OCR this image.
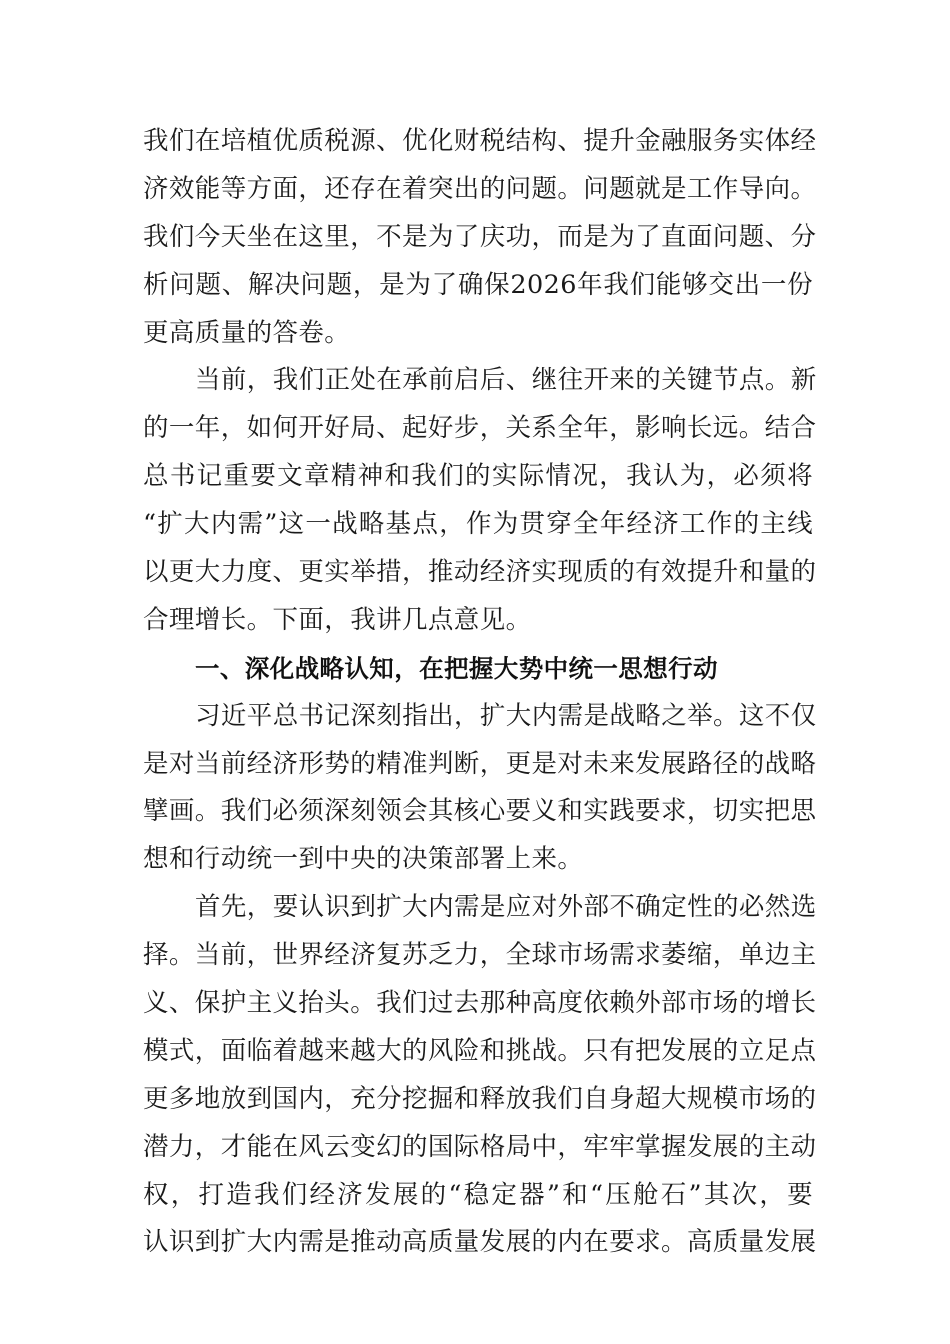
我们在培植优质税源、优化财税结构、提升金融服务实体经
济效能等方面，还存在着突出的问题。问题就是工作导向。
我们今天坐在这里，不是为了庆功，而是为了直面问题、分
析问题、解决问题，是为了确保2026年我们能够交出一份
更高质量的答卷。
当前，我们正处在承前启后、继往开来的关键节点。新
的一年，如何开好局、起好步，关系全年，影响长远。结合
总书记重要文章精神和我们的实际情况，我认为，必须将
“扩大内需”这一战略基点，作为贯穿全年经济工作的主线
以更大力度、更实举措，推动经济实现质的有效提升和量的
合理增长。下面，我讲几点意见。
一、深化战略认知，在把握大势中统一思想行动
习近平总书记深刻指出，扩大内需是战略之举。这不仅
是对当前经济形势的精准判断，更是对未来发展路径的战略
擘画。我们必须深刻领会其核心要义和实践要求，切实把思
想和行动统一到中央的决策部署上来。
首先，要认识到扩大内需是应对外部不确定性的必然选
择。当前，世界经济复苏乏力，全球市场需求萎缩，单边主
义、保护主义抬头。我们过去那种高度依赖外部市场的增长
模式，面临着越来越大的风险和挑战。只有把发展的立足点
更多地放到国内，充分挖掘和释放我们自身超大规模市场的
潜力，才能在风云变幻的国际格局中，牢牢掌握发展的主动
权，打造我们经济发展的“稳定器”和“压舱石”其次，要
认识到扩大内需是推动高质量发展的内在要求。高质量发展
